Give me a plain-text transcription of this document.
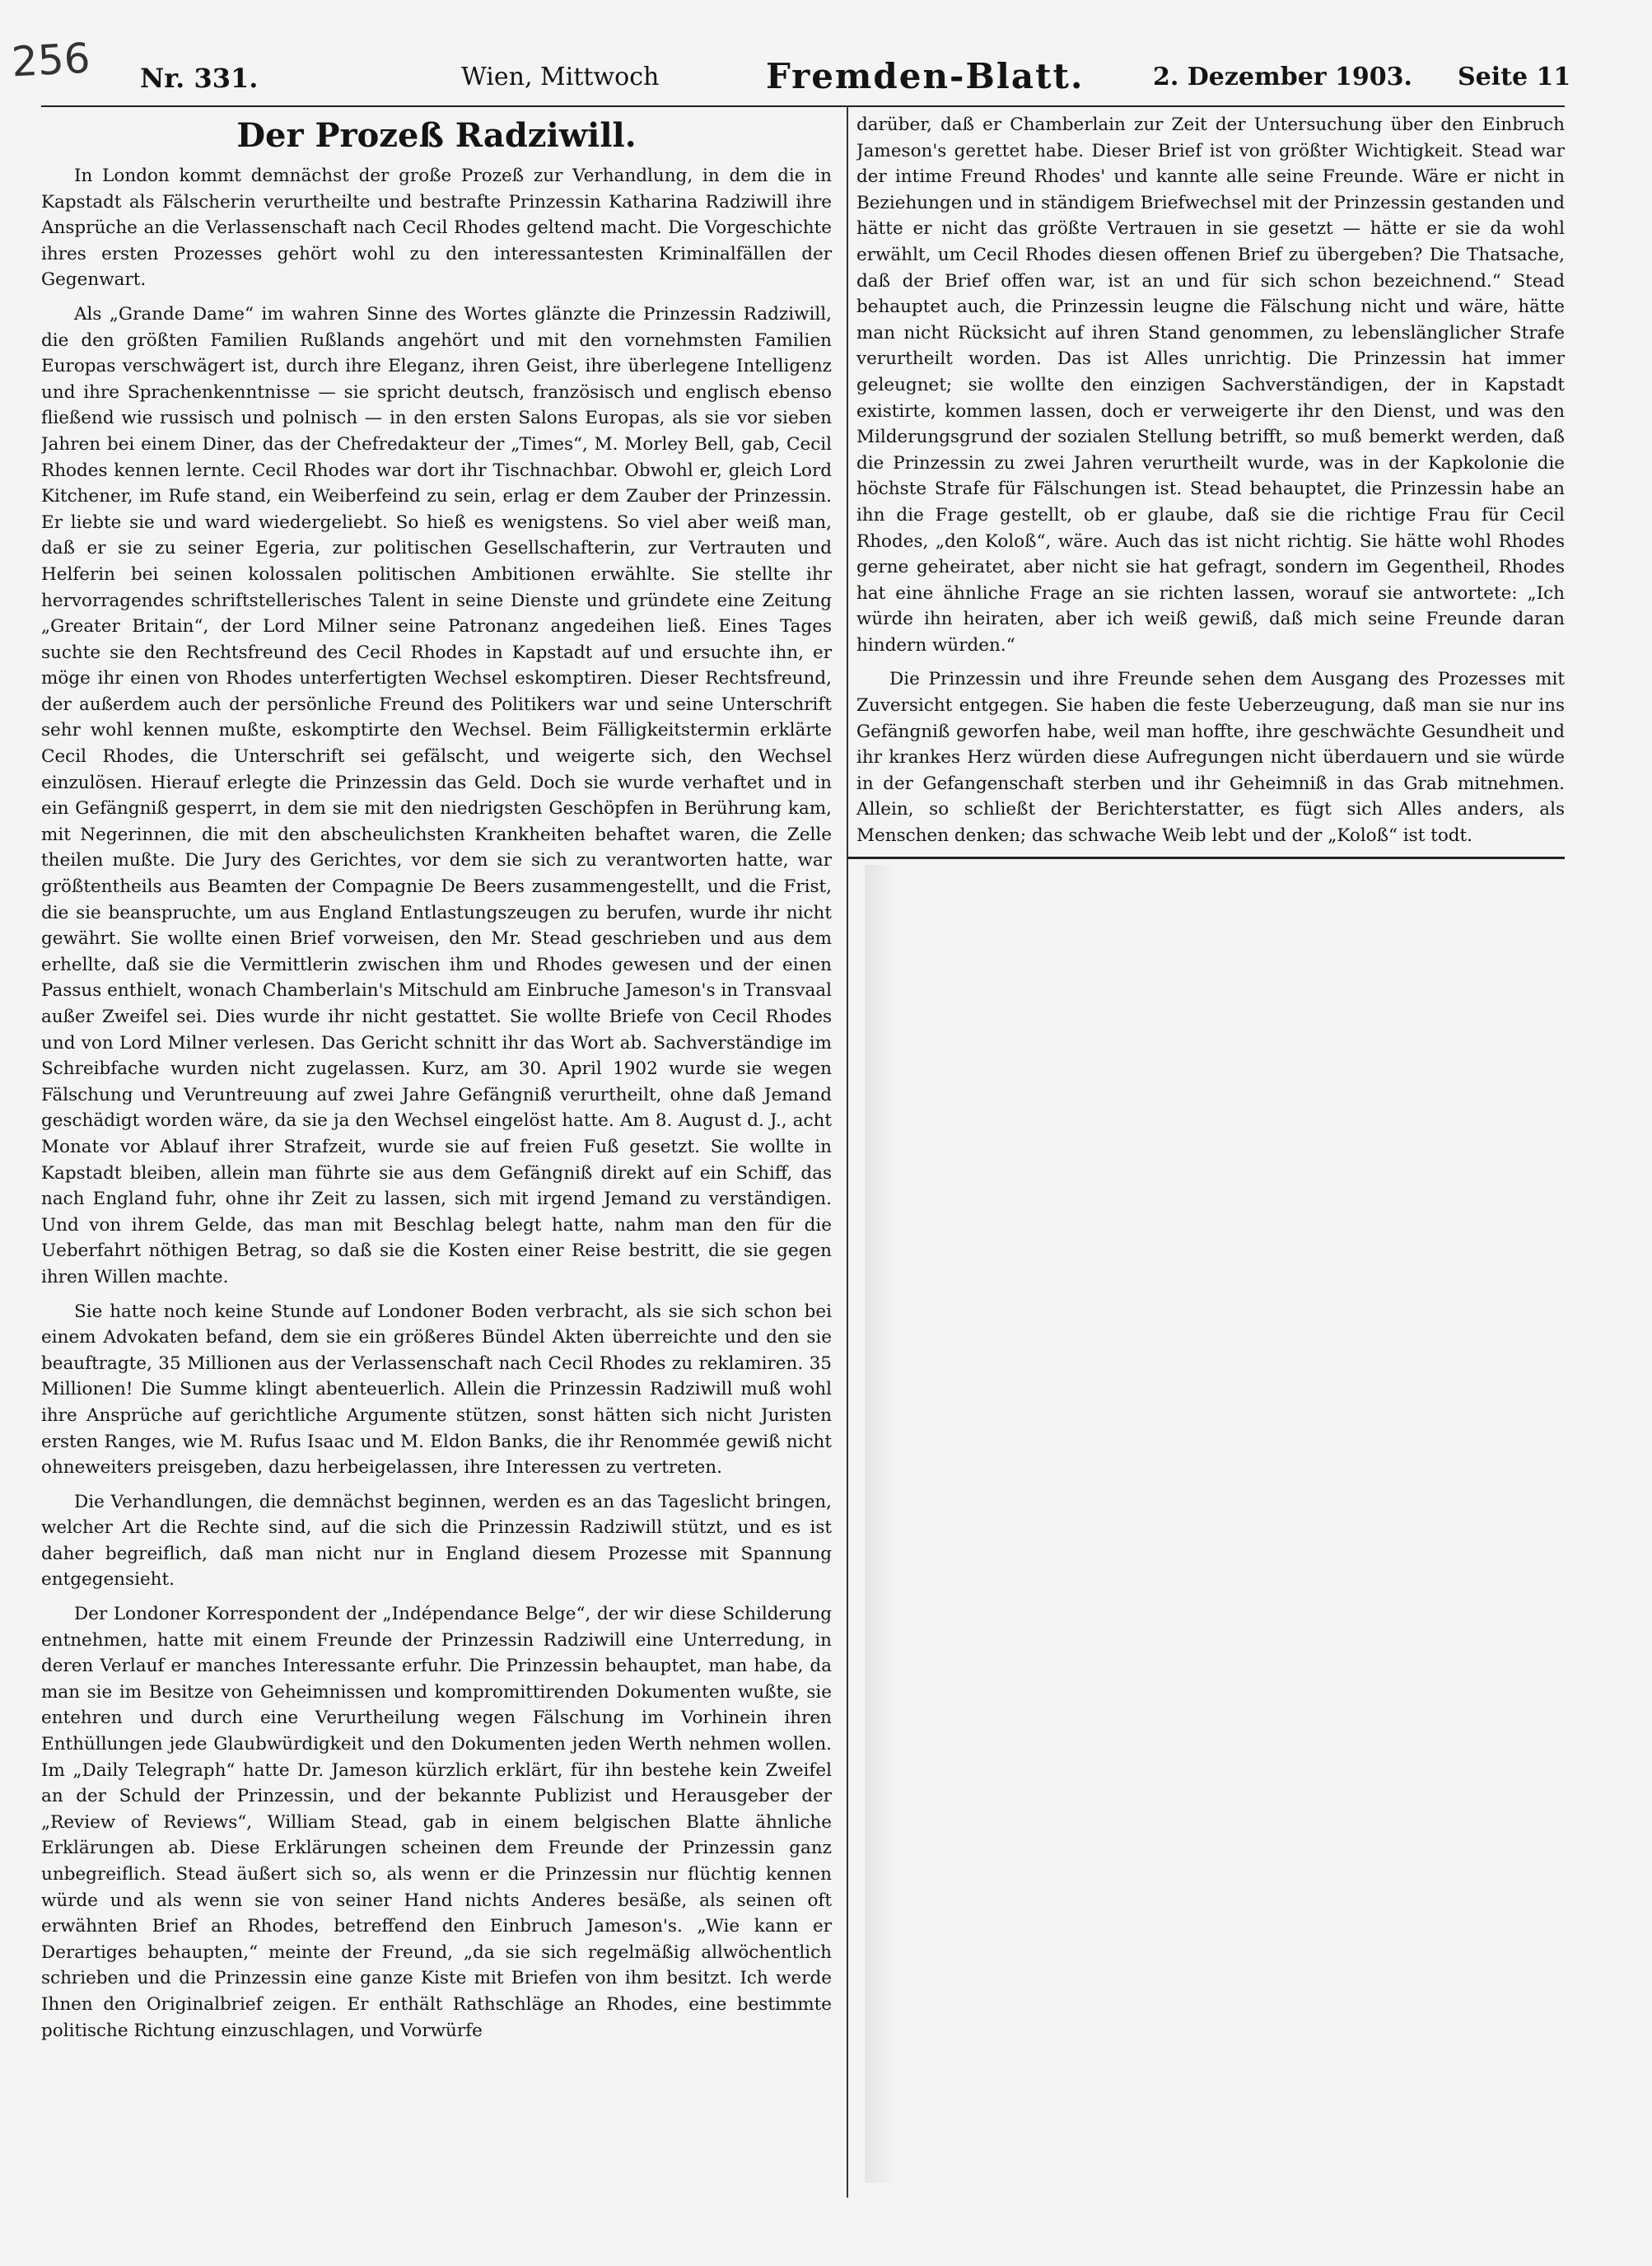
256 Nr. 331.	Wien, Mittwoch	Fremden-Blatt.	2. Dezember 1903. Seite 11
Der Prozeß Radziwill.

In London kommt demnächst der große Prozeß zur Verhandlung, in dem die in Kapstadt als Fälscherin verurtheilte und bestrafte Prinzessin Katharina Radziwill ihre Ansprüche an die Verlassenschaft nach Cecil Rhodes geltend macht. Die Vorgeschichte ihres ersten Prozesses gehört wohl zu den interessantesten Kriminalfällen der Gegenwart.

Als „Grande Dame“ im wahren Sinne des Wortes glänzte die Prinzessin Radziwill, die den größten Familien Rußlands angehört und mit den vornehmsten Familien Europas verschwägert ist, durch ihre Eleganz, ihren Geist, ihre überlegene Intelligenz und ihre Sprachenkenntnisse — sie spricht deutsch, französisch und englisch ebenso fließend wie russisch und polnisch — in den ersten Salons Europas, als sie vor sieben Jahren bei einem Diner, das der Chefredakteur der „Times“, M. Morley Bell, gab, Cecil Rhodes kennen lernte. Cecil Rhodes war dort ihr Tischnachbar. Obwohl er, gleich Lord Kitchener, im Rufe stand, ein Weiberfeind zu sein, erlag er dem Zauber der Prinzessin. Er liebte sie und ward wiedergeliebt. So hieß es wenigstens. So viel aber weiß man, daß er sie zu seiner Egeria, zur politischen Gesellschafterin, zur Vertrauten und Helferin bei seinen kolossalen politischen Ambitionen erwählte. Sie stellte ihr hervorragendes schriftstellerisches Talent in seine Dienste und gründete eine Zeitung „Greater Britain“, der Lord Milner seine Patronanz angedeihen ließ. Eines Tages suchte sie den Rechtsfreund des Cecil Rhodes in Kapstadt auf und ersuchte ihn, er möge ihr einen von Rhodes unterfertigten Wechsel eskomptiren. Dieser Rechtsfreund, der außerdem auch der persönliche Freund des Politikers war und seine Unterschrift sehr wohl kennen mußte, eskomptirte den Wechsel. Beim Fälligkeitstermin erklärte Cecil Rhodes, die Unterschrift sei gefälscht, und weigerte sich, den Wechsel einzulösen. Hierauf erlegte die Prinzessin das Geld. Doch sie wurde verhaftet und in ein Gefängniß gesperrt, in dem sie mit den niedrigsten Geschöpfen in Berührung kam, mit Negerinnen, die mit den abscheulichsten Krankheiten behaftet waren, die Zelle theilen mußte. Die Jury des Gerichtes, vor dem sie sich zu verantworten hatte, war größtentheils aus Beamten der Compagnie De Beers zusammengestellt, und die Frist, die sie beanspruchte, um aus England Entlastungszeugen zu berufen, wurde ihr nicht gewährt. Sie wollte einen Brief vorweisen, den Mr. Stead geschrieben und aus dem erhellte, daß sie die Vermittlerin zwischen ihm und Rhodes gewesen und der einen Passus enthielt, wonach Chamberlain's Mitschuld am Einbruche Jameson's in Transvaal außer Zweifel sei. Dies wurde ihr nicht gestattet. Sie wollte Briefe von Cecil Rhodes und von Lord Milner verlesen. Das Gericht schnitt ihr das Wort ab. Sachverständige im Schreibfache wurden nicht zugelassen. Kurz, am 30. April 1902 wurde sie wegen Fälschung und Veruntreuung auf zwei Jahre Gefängniß verurtheilt, ohne daß Jemand geschädigt worden wäre, da sie ja den Wechsel eingelöst hatte. Am 8. August d. J., acht Monate vor Ablauf ihrer Strafzeit, wurde sie auf freien Fuß gesetzt. Sie wollte in Kapstadt bleiben, allein man führte sie aus dem Gefängniß direkt auf ein Schiff, das nach England fuhr, ohne ihr Zeit zu lassen, sich mit irgend Jemand zu verständigen. Und von ihrem Gelde, das man mit Beschlag belegt hatte, nahm man den für die Ueberfahrt nöthigen Betrag, so daß sie die Kosten einer Reise bestritt, die sie gegen ihren Willen machte.

Sie hatte noch keine Stunde auf Londoner Boden verbracht, als sie sich schon bei einem Advokaten befand, dem sie ein größeres Bündel Akten überreichte und den sie beauftragte, 35 Millionen aus der Verlassenschaft nach Cecil Rhodes zu reklamiren. 35 Millionen! Die Summe klingt abenteuerlich. Allein die Prinzessin Radziwill muß wohl ihre Ansprüche auf gerichtliche Argumente stützen, sonst hätten sich nicht Juristen ersten Ranges, wie M. Rufus Isaac und M. Eldon Banks, die ihr Renommée gewiß nicht ohneweiters preisgeben, dazu herbeigelassen, ihre Interessen zu vertreten.

Die Verhandlungen, die demnächst beginnen, werden es an das Tageslicht bringen, welcher Art die Rechte sind, auf die sich die Prinzessin Radziwill stützt, und es ist daher begreiflich, daß man nicht nur in England diesem Prozesse mit Spannung entgegensieht.

Der Londoner Korrespondent der „Indépendance Belge“, der wir diese Schilderung entnehmen, hatte mit einem Freunde der Prinzessin Radziwill eine Unterredung, in deren Verlauf er manches Interessante erfuhr. Die Prinzessin behauptet, man habe, da man sie im Besitze von Geheimnissen und kompromittirenden Dokumenten wußte, sie entehren und durch eine Verurtheilung wegen Fälschung im Vorhinein ihren Enthüllungen jede Glaubwürdigkeit und den Dokumenten jeden Werth nehmen wollen. Im „Daily Telegraph“ hatte Dr. Jameson kürzlich erklärt, für ihn bestehe kein Zweifel an der Schuld der Prinzessin, und der bekannte Publizist und Herausgeber der „Review of Reviews“, William Stead, gab in einem belgischen Blatte ähnliche Erklärungen ab. Diese Erklärungen scheinen dem Freunde der Prinzessin ganz unbegreiflich. Stead äußert sich so, als wenn er die Prinzessin nur flüchtig kennen würde und als wenn sie von seiner Hand nichts Anderes besäße, als seinen oft erwähnten Brief an Rhodes, betreffend den Einbruch Jameson's. „Wie kann er Derartiges behaupten,“ meinte der Freund, „da sie sich regelmäßig allwöchentlich schrieben und die Prinzessin eine ganze Kiste mit Briefen von ihm besitzt. Ich werde Ihnen den Originalbrief zeigen. Er enthält Rathschläge an Rhodes, eine bestimmte politische Richtung einzuschlagen, und Vorwürfe

darüber, daß er Chamberlain zur Zeit der Untersuchung über den Einbruch Jameson's gerettet habe. Dieser Brief ist von größter Wichtigkeit. Stead war der intime Freund Rhodes' und kannte alle seine Freunde. Wäre er nicht in Beziehungen und in ständigem Briefwechsel mit der Prinzessin gestanden und hätte er nicht das größte Vertrauen in sie gesetzt — hätte er sie da wohl erwählt, um Cecil Rhodes diesen offenen Brief zu übergeben? Die Thatsache, daß der Brief offen war, ist an und für sich schon bezeichnend.“ Stead behauptet auch, die Prinzessin leugne die Fälschung nicht und wäre, hätte man nicht Rücksicht auf ihren Stand genommen, zu lebenslänglicher Strafe verurtheilt worden. Das ist Alles unrichtig. Die Prinzessin hat immer geleugnet; sie wollte den einzigen Sachverständigen, der in Kapstadt existirte, kommen lassen, doch er verweigerte ihr den Dienst, und was den Milderungsgrund der sozialen Stellung betrifft, so muß bemerkt werden, daß die Prinzessin zu zwei Jahren verurtheilt wurde, was in der Kapkolonie die höchste Strafe für Fälschungen ist. Stead behauptet, die Prinzessin habe an ihn die Frage gestellt, ob er glaube, daß sie die richtige Frau für Cecil Rhodes, „den Koloß“, wäre. Auch das ist nicht richtig. Sie hätte wohl Rhodes gerne geheiratet, aber nicht sie hat gefragt, sondern im Gegentheil, Rhodes hat eine ähnliche Frage an sie richten lassen, worauf sie antwortete: „Ich würde ihn heiraten, aber ich weiß gewiß, daß mich seine Freunde daran hindern würden.“

Die Prinzessin und ihre Freunde sehen dem Ausgang des Prozesses mit Zuversicht entgegen. Sie haben die feste Ueberzeugung, daß man sie nur ins Gefängniß geworfen habe, weil man hoffte, ihre geschwächte Gesundheit und ihr krankes Herz würden diese Aufregungen nicht überdauern und sie würde in der Gefangenschaft sterben und ihr Geheimniß in das Grab mitnehmen. Allein, so schließt der Berichterstatter, es fügt sich Alles anders, als Menschen denken; das schwache Weib lebt und der „Koloß“ ist todt.
